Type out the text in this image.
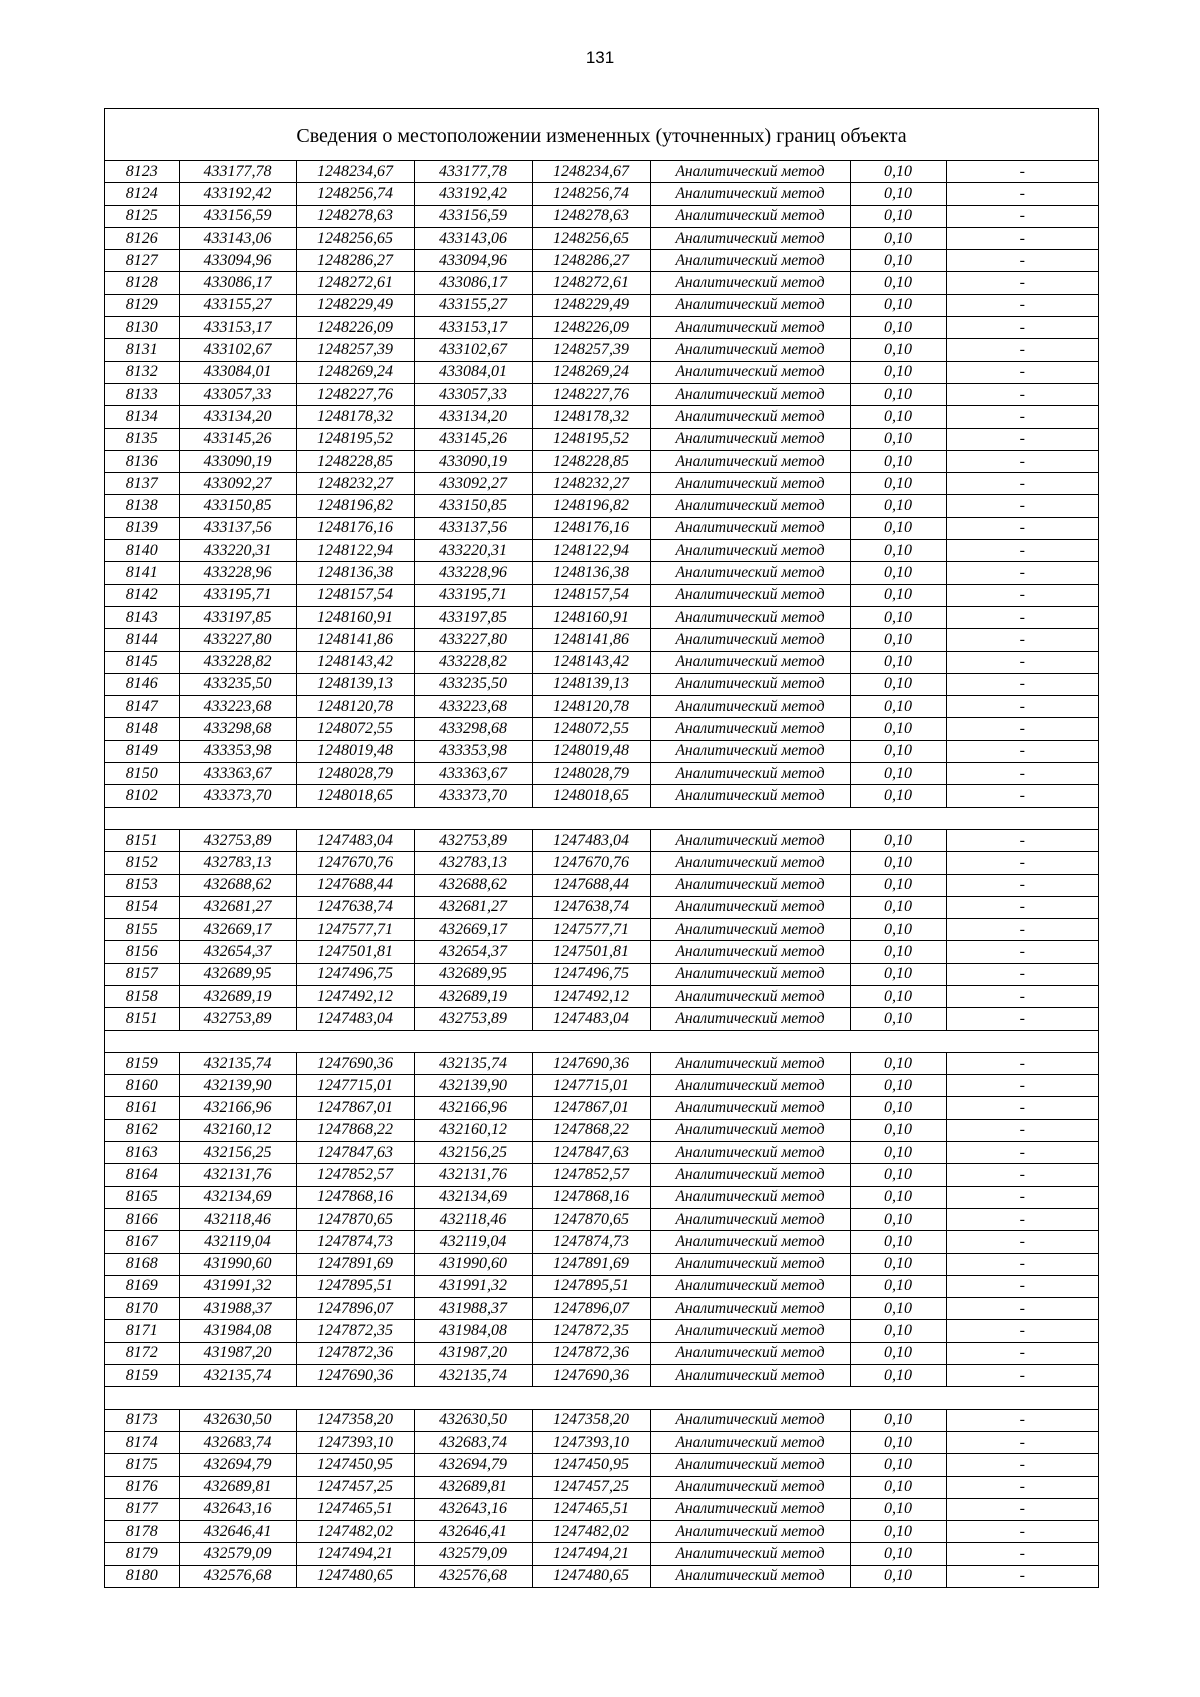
131
Сведения о местоположении измененных (уточненных) границ объекта
8123	433177,78	1248234,67	433177,78	1248234,67	Аналитический метод	0,10	-
8124	433192,42	1248256,74	433192,42	1248256,74	Аналитический метод	0,10	-
8125	433156,59	1248278,63	433156,59	1248278,63	Аналитический метод	0,10	-
8126	433143,06	1248256,65	433143,06	1248256,65	Аналитический метод	0,10	-
8127	433094,96	1248286,27	433094,96	1248286,27	Аналитический метод	0,10	-
8128	433086,17	1248272,61	433086,17	1248272,61	Аналитический метод	0,10	-
8129	433155,27	1248229,49	433155,27	1248229,49	Аналитический метод	0,10	-
8130	433153,17	1248226,09	433153,17	1248226,09	Аналитический метод	0,10	-
8131	433102,67	1248257,39	433102,67	1248257,39	Аналитический метод	0,10	-
8132	433084,01	1248269,24	433084,01	1248269,24	Аналитический метод	0,10	-
8133	433057,33	1248227,76	433057,33	1248227,76	Аналитический метод	0,10	-
8134	433134,20	1248178,32	433134,20	1248178,32	Аналитический метод	0,10	-
8135	433145,26	1248195,52	433145,26	1248195,52	Аналитический метод	0,10	-
8136	433090,19	1248228,85	433090,19	1248228,85	Аналитический метод	0,10	-
8137	433092,27	1248232,27	433092,27	1248232,27	Аналитический метод	0,10	-
8138	433150,85	1248196,82	433150,85	1248196,82	Аналитический метод	0,10	-
8139	433137,56	1248176,16	433137,56	1248176,16	Аналитический метод	0,10	-
8140	433220,31	1248122,94	433220,31	1248122,94	Аналитический метод	0,10	-
8141	433228,96	1248136,38	433228,96	1248136,38	Аналитический метод	0,10	-
8142	433195,71	1248157,54	433195,71	1248157,54	Аналитический метод	0,10	-
8143	433197,85	1248160,91	433197,85	1248160,91	Аналитический метод	0,10	-
8144	433227,80	1248141,86	433227,80	1248141,86	Аналитический метод	0,10	-
8145	433228,82	1248143,42	433228,82	1248143,42	Аналитический метод	0,10	-
8146	433235,50	1248139,13	433235,50	1248139,13	Аналитический метод	0,10	-
8147	433223,68	1248120,78	433223,68	1248120,78	Аналитический метод	0,10	-
8148	433298,68	1248072,55	433298,68	1248072,55	Аналитический метод	0,10	-
8149	433353,98	1248019,48	433353,98	1248019,48	Аналитический метод	0,10	-
8150	433363,67	1248028,79	433363,67	1248028,79	Аналитический метод	0,10	-
8102	433373,70	1248018,65	433373,70	1248018,65	Аналитический метод	0,10	-

8151	432753,89	1247483,04	432753,89	1247483,04	Аналитический метод	0,10	-
8152	432783,13	1247670,76	432783,13	1247670,76	Аналитический метод	0,10	-
8153	432688,62	1247688,44	432688,62	1247688,44	Аналитический метод	0,10	-
8154	432681,27	1247638,74	432681,27	1247638,74	Аналитический метод	0,10	-
8155	432669,17	1247577,71	432669,17	1247577,71	Аналитический метод	0,10	-
8156	432654,37	1247501,81	432654,37	1247501,81	Аналитический метод	0,10	-
8157	432689,95	1247496,75	432689,95	1247496,75	Аналитический метод	0,10	-
8158	432689,19	1247492,12	432689,19	1247492,12	Аналитический метод	0,10	-
8151	432753,89	1247483,04	432753,89	1247483,04	Аналитический метод	0,10	-

8159	432135,74	1247690,36	432135,74	1247690,36	Аналитический метод	0,10	-
8160	432139,90	1247715,01	432139,90	1247715,01	Аналитический метод	0,10	-
8161	432166,96	1247867,01	432166,96	1247867,01	Аналитический метод	0,10	-
8162	432160,12	1247868,22	432160,12	1247868,22	Аналитический метод	0,10	-
8163	432156,25	1247847,63	432156,25	1247847,63	Аналитический метод	0,10	-
8164	432131,76	1247852,57	432131,76	1247852,57	Аналитический метод	0,10	-
8165	432134,69	1247868,16	432134,69	1247868,16	Аналитический метод	0,10	-
8166	432118,46	1247870,65	432118,46	1247870,65	Аналитический метод	0,10	-
8167	432119,04	1247874,73	432119,04	1247874,73	Аналитический метод	0,10	-
8168	431990,60	1247891,69	431990,60	1247891,69	Аналитический метод	0,10	-
8169	431991,32	1247895,51	431991,32	1247895,51	Аналитический метод	0,10	-
8170	431988,37	1247896,07	431988,37	1247896,07	Аналитический метод	0,10	-
8171	431984,08	1247872,35	431984,08	1247872,35	Аналитический метод	0,10	-
8172	431987,20	1247872,36	431987,20	1247872,36	Аналитический метод	0,10	-
8159	432135,74	1247690,36	432135,74	1247690,36	Аналитический метод	0,10	-

8173	432630,50	1247358,20	432630,50	1247358,20	Аналитический метод	0,10	-
8174	432683,74	1247393,10	432683,74	1247393,10	Аналитический метод	0,10	-
8175	432694,79	1247450,95	432694,79	1247450,95	Аналитический метод	0,10	-
8176	432689,81	1247457,25	432689,81	1247457,25	Аналитический метод	0,10	-
8177	432643,16	1247465,51	432643,16	1247465,51	Аналитический метод	0,10	-
8178	432646,41	1247482,02	432646,41	1247482,02	Аналитический метод	0,10	-
8179	432579,09	1247494,21	432579,09	1247494,21	Аналитический метод	0,10	-
8180	432576,68	1247480,65	432576,68	1247480,65	Аналитический метод	0,10	-
